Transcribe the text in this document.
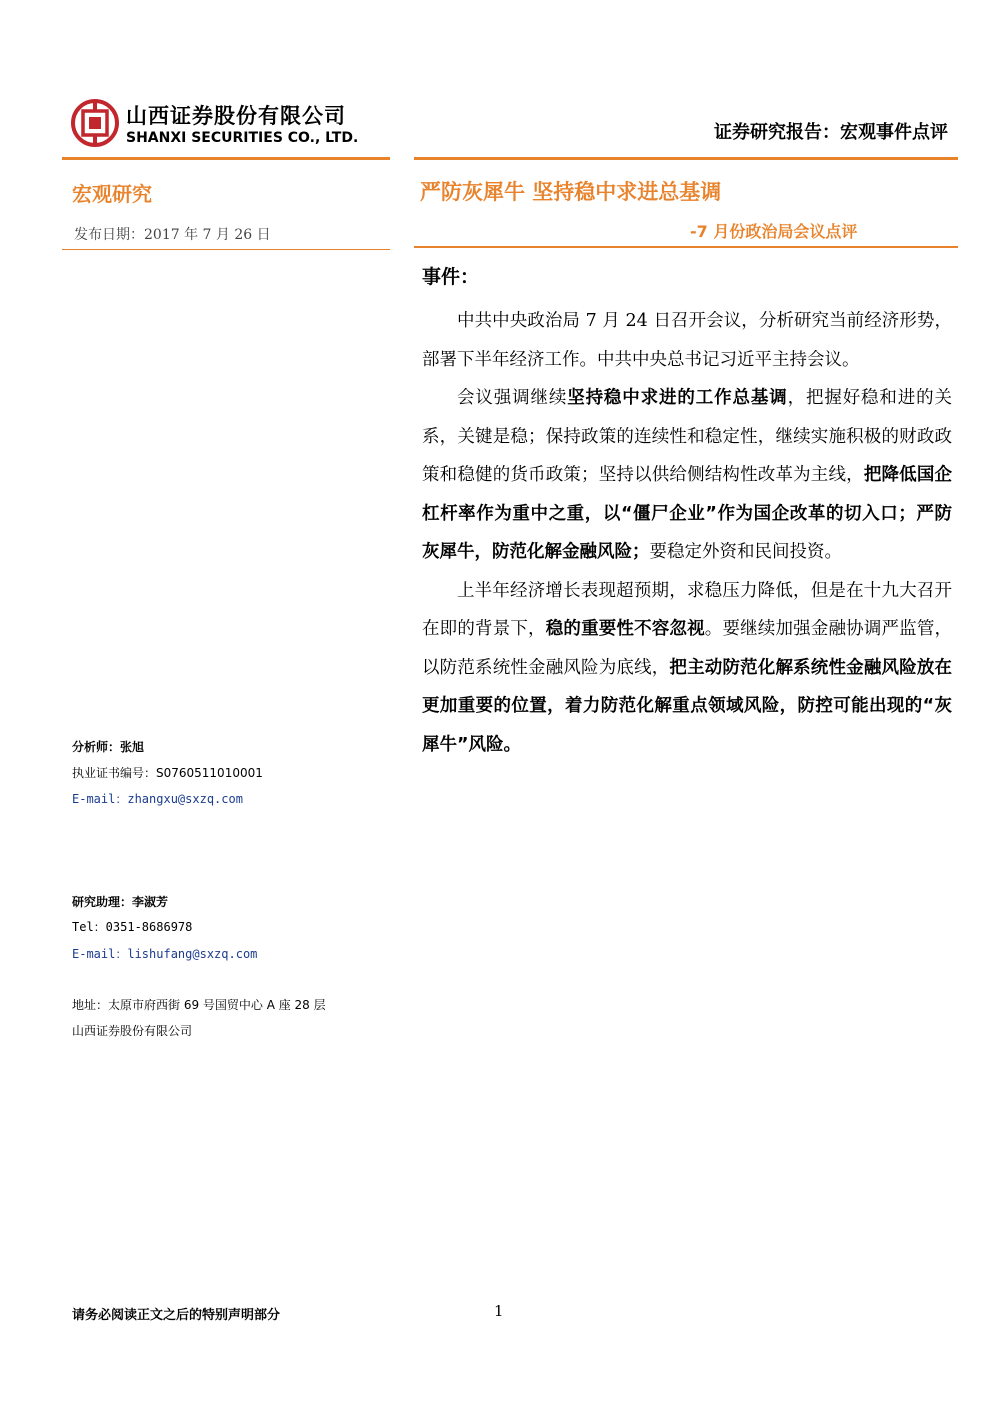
山西证券股份有限公司
SHANXI SECURITIES CO., LTD.	证券研究报告：宏观事件点评
宏观研究
发布日期：2017 年 7 月 26 日
严防灰犀牛 坚持稳中求进总基调
-7 月份政治局会议点评
分析师：张旭
执业证书编号：S0760511010001
E-mail：zhangxu@sxzq.com
研究助理：李淑芳
Tel：0351-8686978
E-mail：lishufang@sxzq.com
地址：太原市府西街 69 号国贸中心 A 座 28 层
山西证券股份有限公司
事件：

中共中央政治局 7 月 24 日召开会议，分析研究当前经济形势，部署下半年经济工作。中共中央总书记习近平主持会议。

会议强调继续坚持稳中求进的工作总基调，把握好稳和进的关系，关键是稳；保持政策的连续性和稳定性，继续实施积极的财政政策和稳健的货币政策；坚持以供给侧结构性改革为主线，把降低国企杠杆率作为重中之重，以“僵尸企业”作为国企改革的切入口；严防灰犀牛，防范化解金融风险；要稳定外资和民间投资。

上半年经济增长表现超预期，求稳压力降低，但是在十九大召开在即的背景下，稳的重要性不容忽视。要继续加强金融协调严监管，以防范系统性金融风险为底线，把主动防范化解系统性金融风险放在更加重要的位置，着力防范化解重点领域风险，防控可能出现的“灰犀牛”风险。

请务必阅读正文之后的特别声明部分	1
